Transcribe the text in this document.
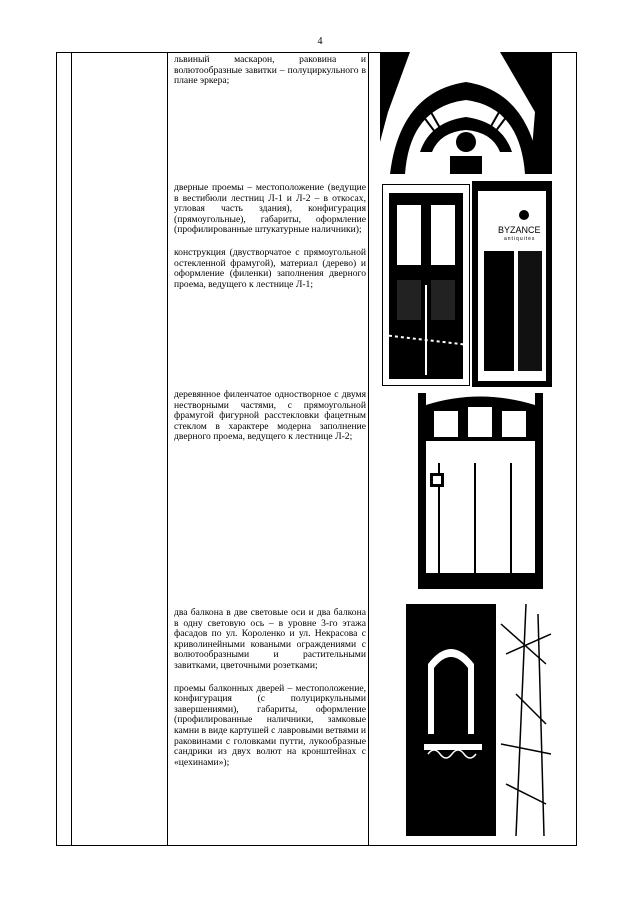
4

львиный маскарон, раковина и волютообразные завитки – полуциркульного в плане эркера;

дверные проемы – местоположение (ведущие в вестибюли лестниц Л-1 и Л-2 – в откосах, угловая часть здания), конфигурация (прямоугольные), габариты, оформление (профилированные штукатурные наличники);

конструкция (двустворчатое с прямоугольной остекленной фрамугой), материал (дерево) и оформление (филенки) заполнения дверного проема, ведущего к лестнице Л-1;

деревянное филенчатое одностворное с двумя нестворными частями, с прямоугольной фрамугой фигурной расстекловки фацетным стеклом в характере модерна заполнение дверного проема, ведущего к лестнице Л-2;

два балкона в две световые оси и два балкона в одну световую ось – в уровне 3-го этажа фасадов по ул. Короленко и ул. Некрасова с криволинейными коваными ограждениями с волютообразными и растительными завитками, цветочными розетками;

проемы балконных дверей – местоположение, конфигурация (с полуциркульными завершениями), габариты, оформление (профилированные наличники, замковые камни в виде картушей с лавровыми ветвями и раковинами с головками путти, лукообразные сандрики из двух волют на кронштейнах с «цехинами»);

BYZANCE
antiquites
